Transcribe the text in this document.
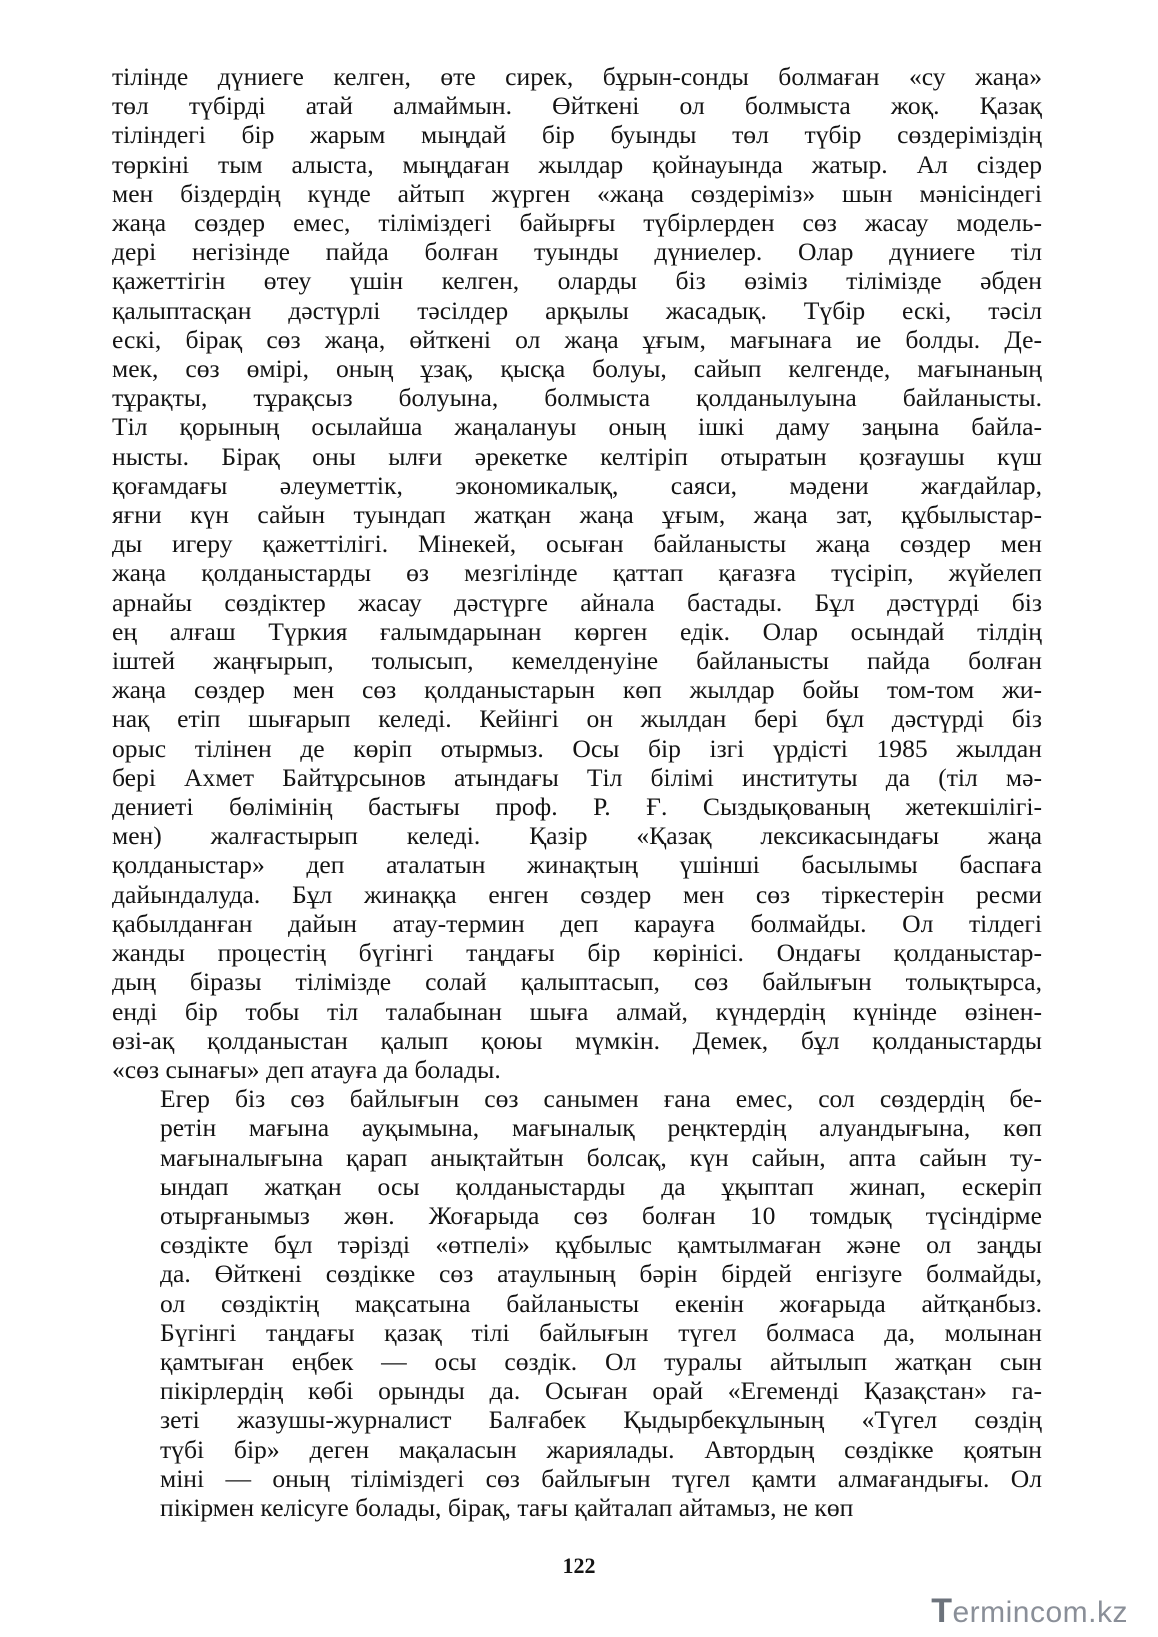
тілінде дүниеге келген, өте сирек, бұрын-сонды болмаған «су жаңа»
төл түбірді атай алмаймын. Өйткені ол болмыста жоқ. Қазақ
тіліндегі бір жарым мыңдай бір буынды төл түбір сөздеріміздің
төркіні тым алыста, мыңдаған жылдар қойнауында жатыр. Ал сіздер
мен біздердің күнде айтып жүрген «жаңа сөздеріміз» шын мәнісіндегі
жаңа сөздер емес, тіліміздегі байырғы түбірлерден сөз жасау модель-
дері негізінде пайда болған туынды дүниелер. Олар дүниеге тіл
қажеттігін өтеу үшін келген, оларды біз өзіміз тілімізде әбден
қалыптасқан дәстүрлі тәсілдер арқылы жасадық. Түбір ескі, тәсіл
ескі, бірақ сөз жаңа, өйткені ол жаңа ұғым, мағынаға ие болды. Де-
мек, сөз өмірі, оның ұзақ, қысқа болуы, сайып келгенде, мағынаның
тұрақты, тұрақсыз болуына, болмыста қолданылуына байланысты.
Тіл қорының осылайша жаңалануы оның ішкі даму заңына байла-
нысты. Бірақ оны ылғи әрекетке келтіріп отыратын қозғаушы күш
қоғамдағы әлеуметтік, экономикалық, саяси, мәдени жағдайлар,
яғни күн сайын туындап жатқан жаңа ұғым, жаңа зат, құбылыстар-
ды игеру қажеттілігі. Мінекей, осыған байланысты жаңа сөздер мен
жаңа қолданыстарды өз мезгілінде қаттап қағазға түсіріп, жүйелеп
арнайы сөздіктер жасау дәстүрге айнала бастады. Бұл дәстүрді біз
ең алғаш Түркия ғалымдарынан көрген едік. Олар осындай тілдің
іштей жаңғырып, толысып, кемелденуіне байланысты пайда болған
жаңа сөздер мен сөз қолданыстарын көп жылдар бойы том-том жи-
нақ етіп шығарып келеді. Кейінгі он жылдан бері бұл дәстүрді біз
орыс тілінен де көріп отырмыз. Осы бір ізгі үрдісті 1985 жылдан
бері Ахмет Байтұрсынов атындағы Тіл білімі институты да (тіл мә-
дениеті бөлімінің бастығы проф. Р. Ғ. Сыздықованың жетекшілігі-
мен) жалғастырып келеді. Қазір «Қазақ лексикасындағы жаңа
қолданыстар» деп аталатын жинақтың үшінші басылымы баспаға
дайындалуда. Бұл жинаққа енген сөздер мен сөз тіркестерін ресми
қабылданған дайын атау-термин деп карауға болмайды. Ол тілдегі
жанды процестің бүгінгі таңдағы бір көрінісі. Ондағы қолданыстар-
дың біразы тілімізде солай қалыптасып, сөз байлығын толықтырса,
енді бір тобы тіл талабынан шыға алмай, күндердің күнінде өзінен-
өзі-ақ қолданыстан қалып қоюы мүмкін. Демек, бұл қолданыстарды
«сөз сынағы» деп атауға да болады.
Егер біз сөз байлығын сөз санымен ғана емес, сол сөздердің бе-
ретін мағына ауқымына, мағыналық реңктердің алуандығына, көп
мағыналығына қарап анықтайтын болсақ, күн сайын, апта сайын ту-
ындап жатқан осы қолданыстарды да ұқыптап жинап, ескеріп
отырғанымыз жөн. Жоғарыда сөз болған 10 томдық түсіндірме
сөздікте бұл тәрізді «өтпелі» құбылыс қамтылмаған және ол заңды
да. Өйткені сөздікке сөз атаулының бәрін бірдей енгізуге болмайды,
ол сөздіктің мақсатына байланысты екенін жоғарыда айтқанбыз.
Бүгінгі таңдағы қазақ тілі байлығын түгел болмаса да, молынан
қамтыған еңбек — осы сөздік. Ол туралы айтылып жатқан сын
пікірлердің көбі орынды да. Осыған орай «Егеменді Қазақстан» га-
зеті жазушы-журналист Балғабек Қыдырбекұлының «Түгел сөздің
түбі бір» деген мақаласын жариялады. Автордың сөздікке қоятын
міні — оның тіліміздегі сөз байлығын түгел қамти алмағандығы. Ол
пікірмен келісуге болады, бірақ, тағы қайталап айтамыз, не көп
122
Termincom.kz
